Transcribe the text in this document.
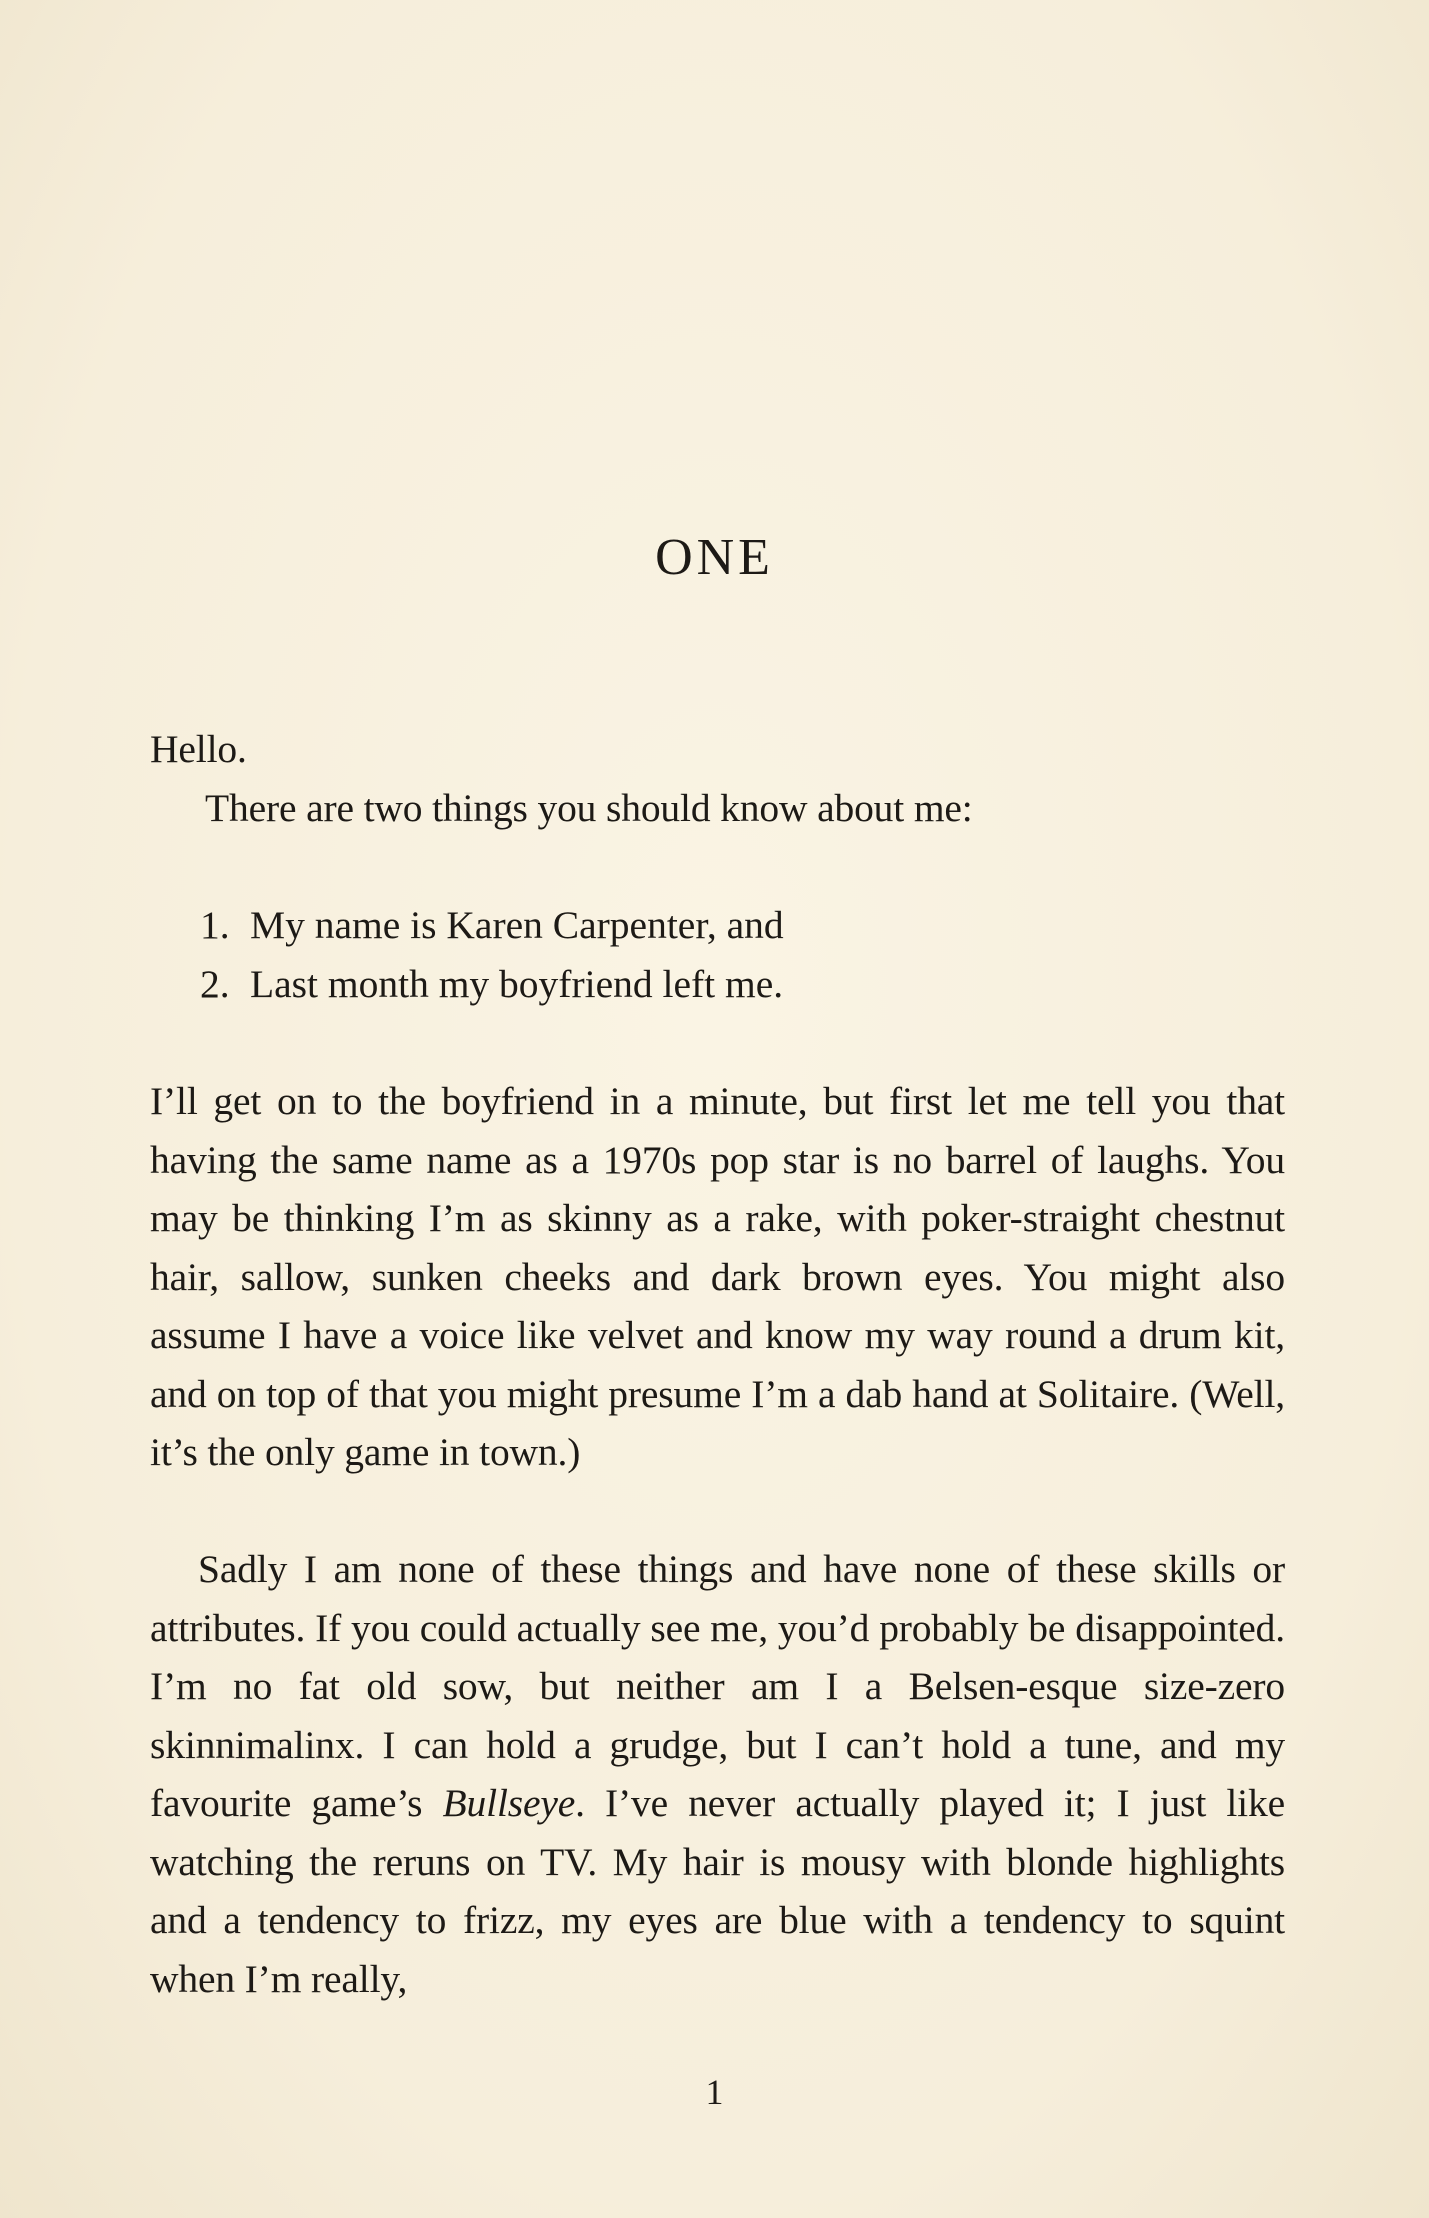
ONE

Hello.

There are two things you should know about me:

1. My name is Karen Carpenter, and
2. Last month my boyfriend left me.

I’ll get on to the boyfriend in a minute, but first let me tell you that having the same name as a 1970s pop star is no barrel of laughs. You may be thinking I’m as skinny as a rake, with poker-straight chestnut hair, sallow, sunken cheeks and dark brown eyes. You might also assume I have a voice like velvet and know my way round a drum kit, and on top of that you might presume I’m a dab hand at Solitaire. (Well, it’s the only game in town.)

Sadly I am none of these things and have none of these skills or attributes. If you could actually see me, you’d probably be disappointed. I’m no fat old sow, but neither am I a Belsen-esque size-zero skinnimalinx. I can hold a grudge, but I can’t hold a tune, and my favourite game’s Bullseye. I’ve never actually played it; I just like watching the reruns on TV. My hair is mousy with blonde highlights and a tendency to frizz, my eyes are blue with a tendency to squint when I’m really,

1
